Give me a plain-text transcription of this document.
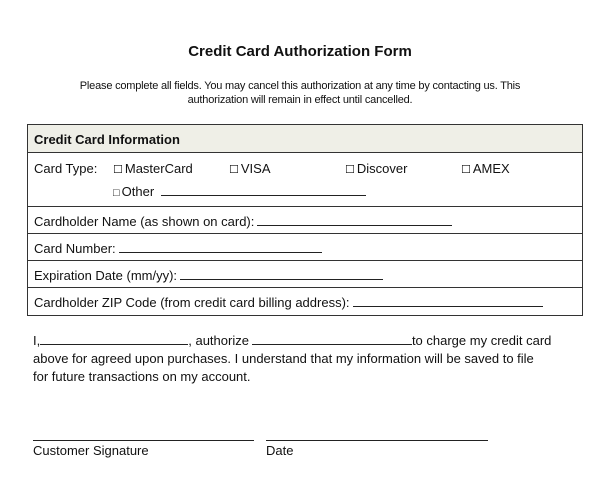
Credit Card Authorization Form
Please complete all fields. You may cancel this authorization at any time by contacting us. This
authorization will remain in effect until cancelled.
Credit Card Information
Card Type: ☐ MasterCard	☐ VISA	☐ Discover	☐ AMEX
□ Other
Cardholder Name (as shown on card):
Card Number:
Expiration Date (mm/yy):
Cardholder ZIP Code (from credit card billing address):
I,	, authorize	to charge my credit card
above for agreed upon purchases. I understand that my information will be saved to file
for future transactions on my account.
Customer Signature	Date
